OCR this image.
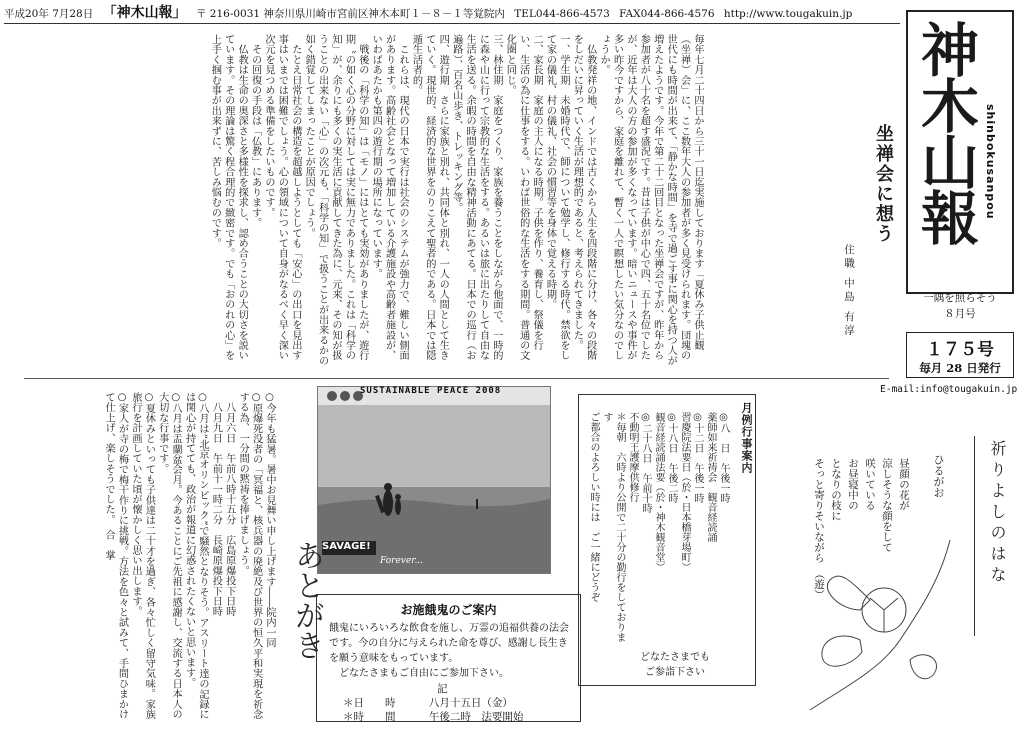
平成20年 7月28日 「神木山報」 〒 216-0031 神奈川県川崎市宮前区神木本町１－８－１等覚院内 TEL044-866-4573 FAX044-866-4576 http://www.tougakuin.jp
神木山報 shinbokusanpou
一隅を照らそう
８月号
１７５号
毎月 28 日発行
E-mail:info@tougakuin.jp
坐禅会に想う
住職 中島 有淳
毎年七月二十四日から三十一日迄実施しております「夏休み子供止観（坐禅）会」に、ここ数年大人の参加者が多く見受けられます。団塊の世代にも時間が出来て、「静かな時間」を寺で過ごす事に関心を持つ人が増えたようです。今年で第二十二回目となった坐禅会ですが、昨年から参加者が八十名を超す盛況です。昔は子供が中心で四、五十名位でしたが、近年は大人の方の参加が多くなっています。暗いニュースや事件が多い昨今ですから、家庭を離れて、暫く一人で瞑想したい気分なのでしょうか。
　仏教発祥の地、インドでは古くから人生を四段階に分け、各々の段階をしだいに昇っていく生活が理想的であると、考えられてきました。
一、学生期　未婚時代で、師について勉学し、修行する時代。禁欲をして家の儀礼、村の儀礼、社会の慣習等を身体で覚える時期。
二、家長期　家庭の主人になる時期。子供を作り、養育し、祭儀を行い、生活の為に仕事をする。いわば世俗的な生活をする期間。普通の文化圏と同じ。
三、林住期　家庭をつくり、家族を養うことをしながら他面で、一時的に森や山に行って宗教的な生活をする。あるいは旅に出たりして自由な生活を送る。余暇の時間を自由な精神活動にあてる。日本での巡行（お遍路）、百名山歩き、トレッキング等。
四、遊行期　さらに家族と別れ、共同体と別れ、一人の人間として生きていく。現世的、経済的な世界をのりこえて聖者的である。日本では隠遁生活者的。
　これらは、現代の日本で実行は社会のシステムが強力で、難しい側面があります。高齢社会となって増加している介護施設や高齢者施設が、いわばあたかも第四の遊行期の場所になっています。
　戦後の「科学の知」は「モノ」にはとても実効がありましたが、遊行期〝の如く心の分野に対しては実に無力でありました。これは「科学の知」が、余りにも多くの実生活に貢献してきた為に、元来、その知が扱うことの出来ない「心」の次元も、「科学の知」で扱うことが出来るかの如く錯覚してしまったことが原因でしょう。
　たとえ日常社会の構造を超越しようとしても「安心」の出口を見出す事はいまでは困難でしょう。心の領域について自身がなるべく早く深い次元を見つめる準備をしたいものです。
　その回復の手段は「仏教」にあります。
　仏教は生命の奥深さと多様性を探求し、認め合うことの大切さを説いています。その理論は驚く程合理的で緻密です。でも「おのれの心」を上手く掴む事が出来ずに、苦しみ悩むのです。
SUSTAINABLE PEACE 2008
SAVAGE!
Forever...
お施餓鬼のご案内
餓鬼にいろいろな飲食を施し、万霊の追福供養の法会です。今の自分に与えられた命を尊び、感謝し長生きを願う意味をもっています。
　どなたさまもご自由にご参加下さい。
記
＊日　　時	八月十五日（金）
＊時　　間	午後二時　法要開始
月例行事案内
◎八　日　午後一時
薬師如来祈祷会　観音経読誦
◎十二日　午後一時
習慶院法要日（於・日本橋芽場町）
◎十八日　午後二時
観音経読誦法要（於・神木観音堂）
◎二十八日　午前十時
不動明王護摩供修行
＊毎朝　六時より公開で二十分の勤行をしております
ご都合のよろしい時には　ご一緒にどうぞ
どなたさまでも
ご参詣下さい
祈りよしのはな
ひるがお
昼顔の花が
涼しそうな顔をして
咲いている
お昼寝中の
となりの枝に
そっと寄りそいながら　（遊）
あとがき
○今年も猛暑。暑中お見舞い申し上げます――院内一同
○原爆死没者の「冥福と、核兵器の廃絶及び世界の恒久平和実現を祈念する為、一分間の黙祷を捧げましょう。
　八月六日　午前八時十五分　広島原爆投下日時
　八月九日　午前十一時二分　長崎原爆投下日時
○八月は“北京オリンピック”で騒然となりそう。アスリート達の記録には関心が持てても、政治が報道に幻惑されたくないと思います。
○八月は盂蘭盆会月。今あることにご先祖に感謝し、交流する日本人の大切な行事です。
○夏休みといっても子供達は二十才を過ぎ、各々忙しく留守気味。家族旅行を計画していた頃が懐かしく思い出します。
○家人が寺の梅で梅干作りに挑戦。方法を色々と試みて、手間ひまかけて仕上げ、楽しそうでした。　合　掌
